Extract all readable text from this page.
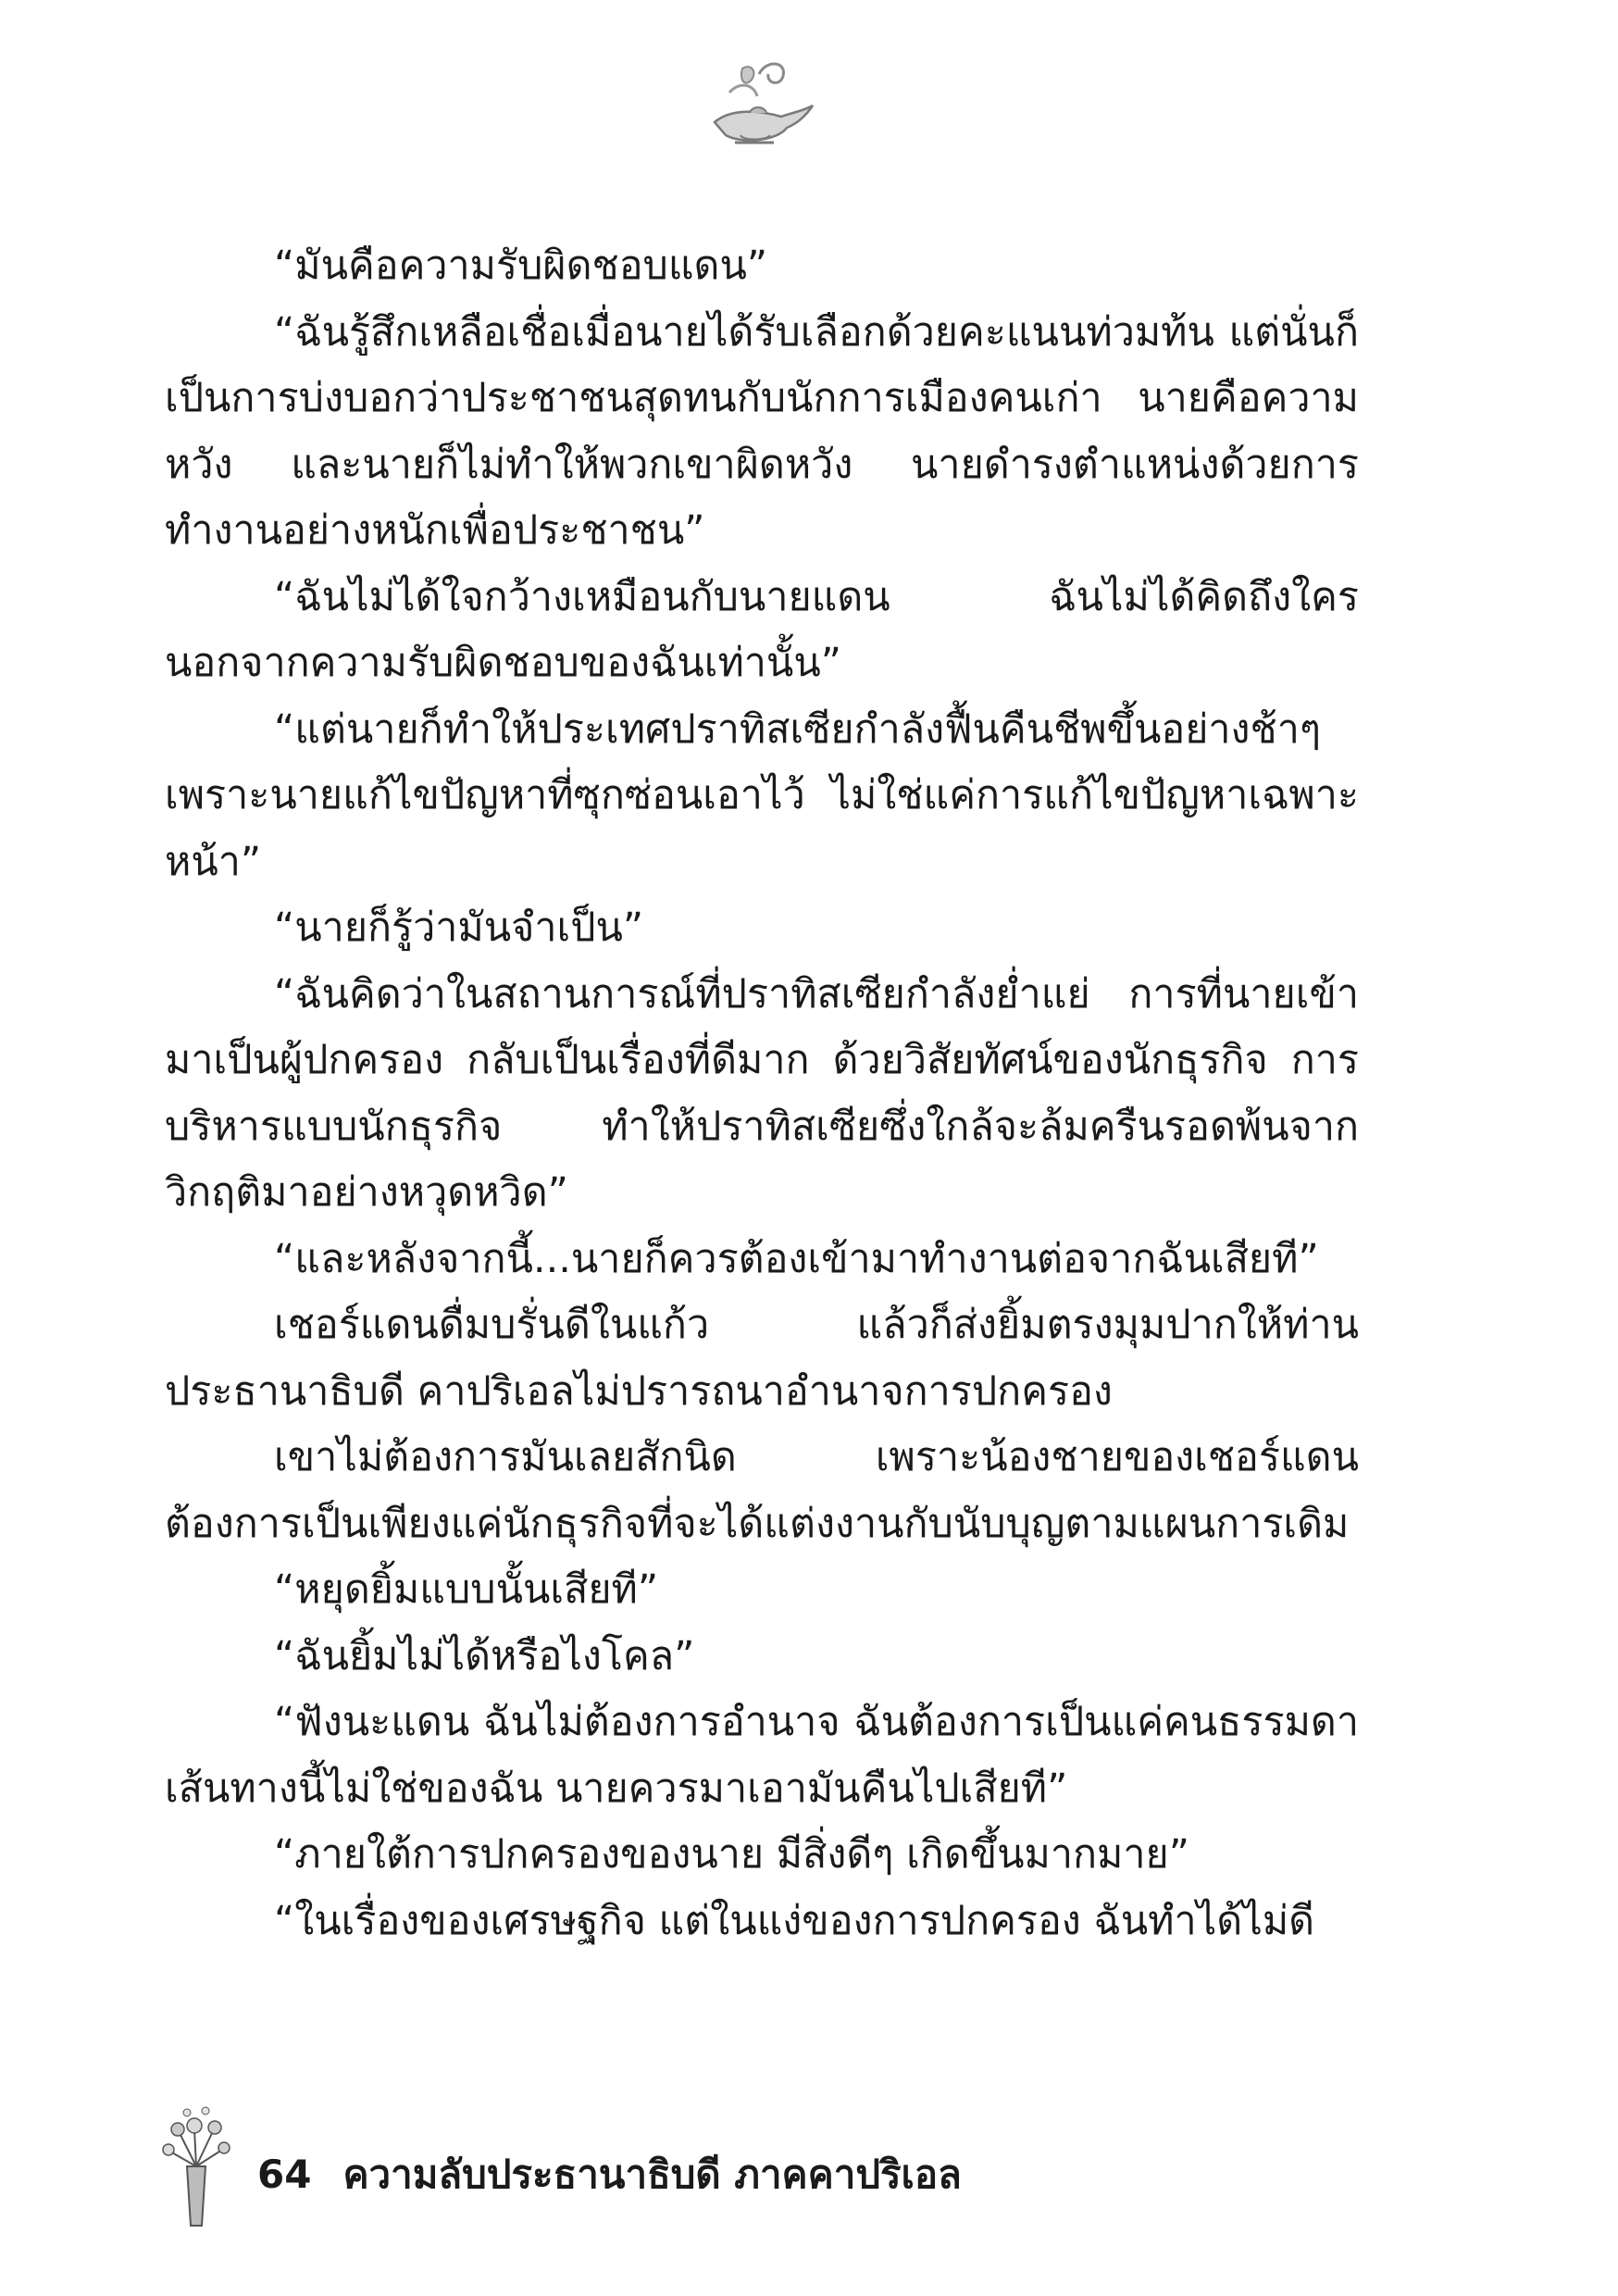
“มันคือความรับผิดชอบแดน”

“ฉันรู้สึกเหลือเชื่อเมื่อนายได้รับเลือกด้วยคะแนนท่วมท้น แต่นั่นก็เป็นการบ่งบอกว่าประชาชนสุดทนกับนักการเมืองคนเก่า นายคือความหวัง และนายก็ไม่ทำให้พวกเขาผิดหวัง นายดำรงตำแหน่งด้วยการทำงานอย่างหนักเพื่อประชาชน”

“ฉันไม่ได้ใจกว้างเหมือนกับนายแดน ฉันไม่ได้คิดถึงใคร นอกจากความรับผิดชอบของฉันเท่านั้น”

“แต่นายก็ทำให้ประเทศปราทิสเซียกำลังฟื้นคืนชีพขึ้นอย่างช้าๆ เพราะนายแก้ไขปัญหาที่ซุกซ่อนเอาไว้ ไม่ใช่แค่การแก้ไขปัญหาเฉพาะหน้า”

“นายก็รู้ว่ามันจำเป็น”

“ฉันคิดว่าในสถานการณ์ที่ปราทิสเซียกำลังย่ำแย่ การที่นายเข้ามาเป็นผู้ปกครอง กลับเป็นเรื่องที่ดีมาก ด้วยวิสัยทัศน์ของนักธุรกิจ การบริหารแบบนักธุรกิจ ทำให้ปราทิสเซียซึ่งใกล้จะล้มครืนรอดพ้นจากวิกฤติมาอย่างหวุดหวิด”

“และหลังจากนี้...นายก็ควรต้องเข้ามาทำงานต่อจากฉันเสียที”

เชอร์แดนดื่มบรั่นดีในแก้ว แล้วก็ส่งยิ้มตรงมุมปากให้ท่านประธานาธิบดี คาปริเอลไม่ปรารถนาอำนาจการปกครอง

เขาไม่ต้องการมันเลยสักนิด เพราะน้องชายของเชอร์แดนต้องการเป็นเพียงแค่นักธุรกิจที่จะได้แต่งงานกับนับบุญตามแผนการเดิม

“หยุดยิ้มแบบนั้นเสียที”

“ฉันยิ้มไม่ได้หรือไงโคล”

“ฟังนะแดน ฉันไม่ต้องการอำนาจ ฉันต้องการเป็นแค่คนธรรมดาเส้นทางนี้ไม่ใช่ของฉัน นายควรมาเอามันคืนไปเสียที”

“ภายใต้การปกครองของนาย มีสิ่งดีๆ เกิดขึ้นมากมาย”

“ในเรื่องของเศรษฐกิจ แต่ในแง่ของการปกครอง ฉันทำได้ไม่ดี

64 ความลับประธานาธิบดี ภาคคาปริเอล
